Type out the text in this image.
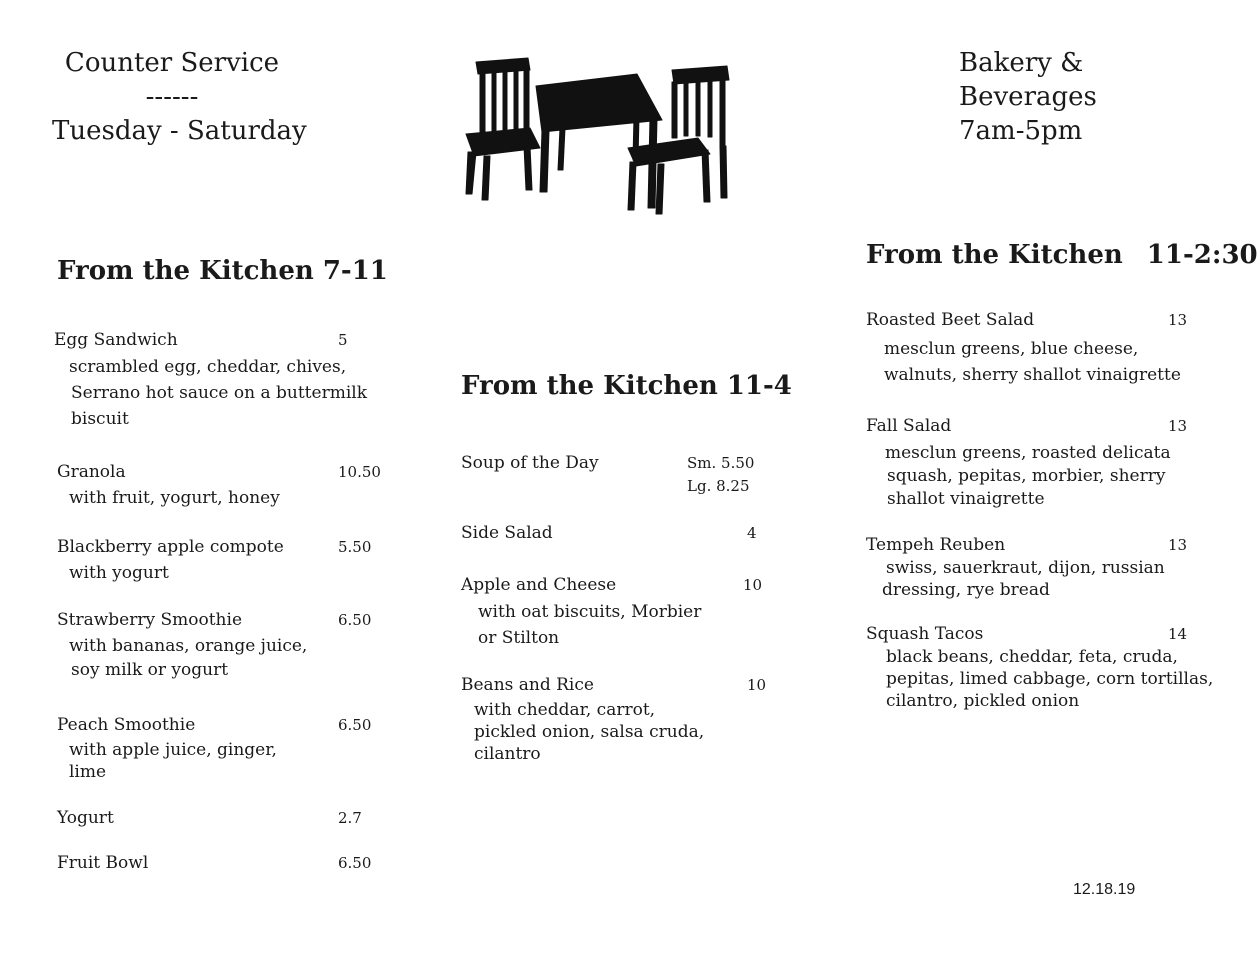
Counter Service
------
Tuesday - Saturday
Bakery &
Beverages
7am-5pm
From the Kitchen 7-11
Egg Sandwich	5
scrambled egg, cheddar, chives,
Serrano hot sauce on a buttermilk
biscuit
Granola	10.50
with fruit, yogurt, honey
Blackberry apple compote	5.50
with yogurt
Strawberry Smoothie	6.50
with bananas, orange juice,
soy milk or yogurt
Peach Smoothie	6.50
with apple juice, ginger,
lime
Yogurt	2.7
Fruit Bowl	6.50
From the Kitchen 11-4
Soup of the Day	Sm. 5.50
Lg. 8.25
Side Salad	4
Apple and Cheese	10
with oat biscuits, Morbier
or Stilton
Beans and Rice	10
with cheddar, carrot,
pickled onion, salsa cruda,
cilantro
From the Kitchen 11-2:30
Roasted Beet Salad	13
mesclun greens, blue cheese,
walnuts, sherry shallot vinaigrette
Fall Salad	13
mesclun greens, roasted delicata
squash, pepitas, morbier, sherry
shallot vinaigrette
Tempeh Reuben	13
swiss, sauerkraut, dijon, russian
dressing, rye bread
Squash Tacos	14
black beans, cheddar, feta, cruda,
pepitas, limed cabbage, corn tortillas,
cilantro, pickled onion
12.18.19
